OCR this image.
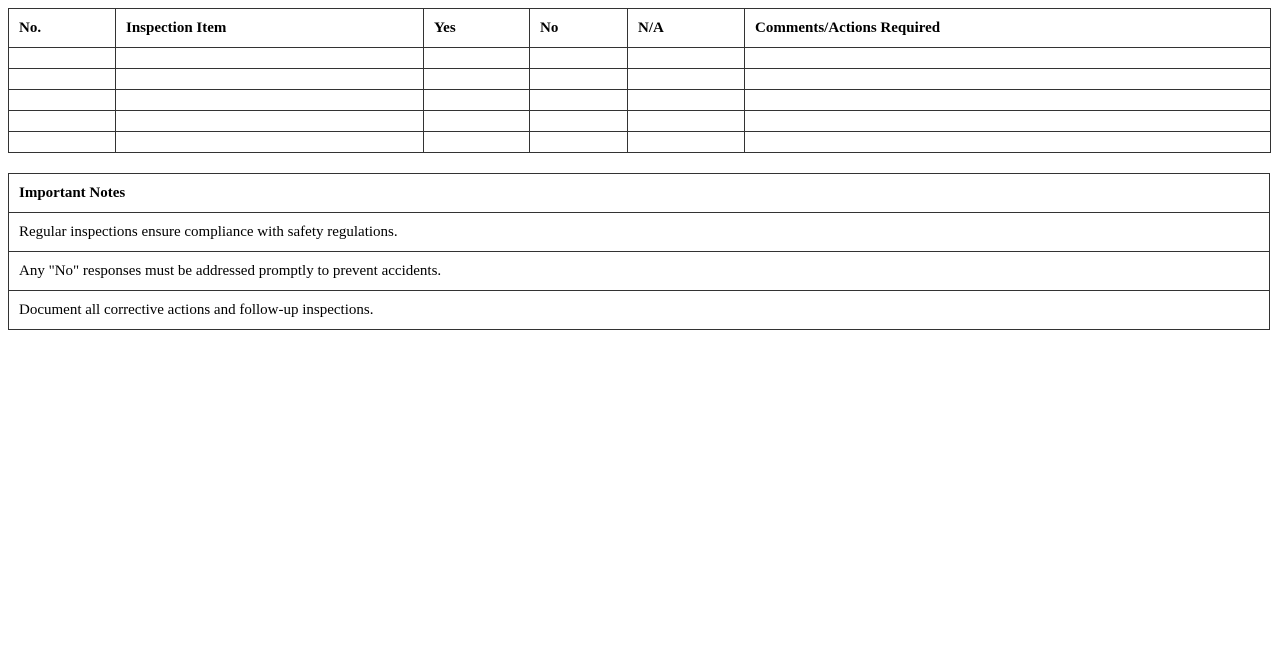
No.	Inspection Item	Yes	No	N/A	Comments/Actions Required

Important Notes
Regular inspections ensure compliance with safety regulations.
Any "No" responses must be addressed promptly to prevent accidents.
Document all corrective actions and follow-up inspections.
